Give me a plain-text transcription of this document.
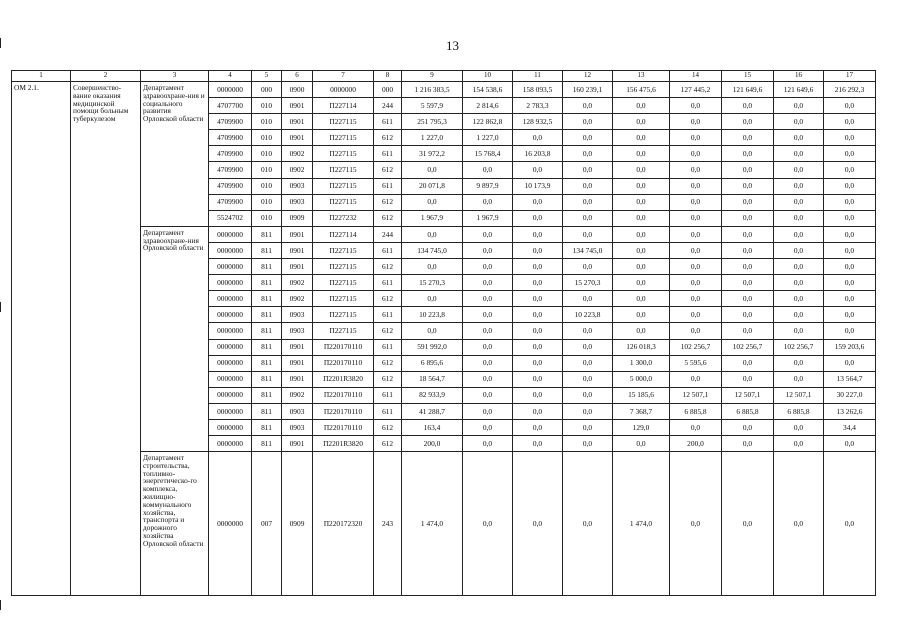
13
1	2	3	4	5	6	7	8	9	10	11	12	13	14	15	16	17
ОМ 2.1.	Совершенство-вание оказания медицинской помощи больным туберкулезом	Департамент здравоохране-ния и социального развития Орловской области	0000000	000	0900	0000000	000	1 216 383,5	154 538,6	158 093,5	160 239,1	156 475,6	127 445,2	121 649,6	121 649,6	216 292,3
			4707700	010	0901	П227114	244	5 597,9	2 814,6	2 783,3	0,0	0,0	0,0	0,0	0,0	0,0
			4709900	010	0901	П227115	611	251 795,3	122 862,8	128 932,5	0,0	0,0	0,0	0,0	0,0	0,0
			4709900	010	0901	П227115	612	1 227,0	1 227,0	0,0	0,0	0,0	0,0	0,0	0,0	0,0
			4709900	010	0902	П227115	611	31 972,2	15 768,4	16 203,8	0,0	0,0	0,0	0,0	0,0	0,0
			4709900	010	0902	П227115	612	0,0	0,0	0,0	0,0	0,0	0,0	0,0	0,0	0,0
			4709900	010	0903	П227115	611	20 071,8	9 897,9	10 173,9	0,0	0,0	0,0	0,0	0,0	0,0
			4709900	010	0903	П227115	612	0,0	0,0	0,0	0,0	0,0	0,0	0,0	0,0	0,0
			5524702	010	0909	П227232	612	1 967,9	1 967,9	0,0	0,0	0,0	0,0	0,0	0,0	0,0
		Департамент здравоохране-ния Орловской области	0000000	811	0901	П227114	244	0,0	0,0	0,0	0,0	0,0	0,0	0,0	0,0	0,0
			0000000	811	0901	П227115	611	134 745,0	0,0	0,0	134 745,0	0,0	0,0	0,0	0,0	0,0
			0000000	811	0901	П227115	612	0,0	0,0	0,0	0,0	0,0	0,0	0,0	0,0	0,0
			0000000	811	0902	П227115	611	15 270,3	0,0	0,0	15 270,3	0,0	0,0	0,0	0,0	0,0
			0000000	811	0902	П227115	612	0,0	0,0	0,0	0,0	0,0	0,0	0,0	0,0	0,0
			0000000	811	0903	П227115	611	10 223,8	0,0	0,0	10 223,8	0,0	0,0	0,0	0,0	0,0
			0000000	811	0903	П227115	612	0,0	0,0	0,0	0,0	0,0	0,0	0,0	0,0	0,0
			0000000	811	0901	П220170110	611	591 992,0	0,0	0,0	0,0	126 018,3	102 256,7	102 256,7	102 256,7	159 203,6
			0000000	811	0901	П220170110	612	6 895,6	0,0	0,0	0,0	1 300,0	5 595,6	0,0	0,0	0,0
			0000000	811	0901	П2201R3820	612	18 564,7	0,0	0,0	0,0	5 000,0	0,0	0,0	0,0	13 564,7
			0000000	811	0902	П220170110	611	82 933,9	0,0	0,0	0,0	15 185,6	12 507,1	12 507,1	12 507,1	30 227,0
			0000000	811	0903	П220170110	611	41 288,7	0,0	0,0	0,0	7 368,7	6 885,8	6 885,8	6 885,8	13 262,6
			0000000	811	0903	П220170110	612	163,4	0,0	0,0	0,0	129,0	0,0	0,0	0,0	34,4
			0000000	811	0901	П2201R3820	612	200,0	0,0	0,0	0,0	0,0	200,0	0,0	0,0	0,0
		Департамент строительства, топливно-энергетическо-го комплекса, жилищно-коммунального хозяйства, транспорта и дорожного хозяйства Орловской области	0000000	007	0909	П220172320	243	1 474,0	0,0	0,0	0,0	1 474,0	0,0	0,0	0,0	0,0
